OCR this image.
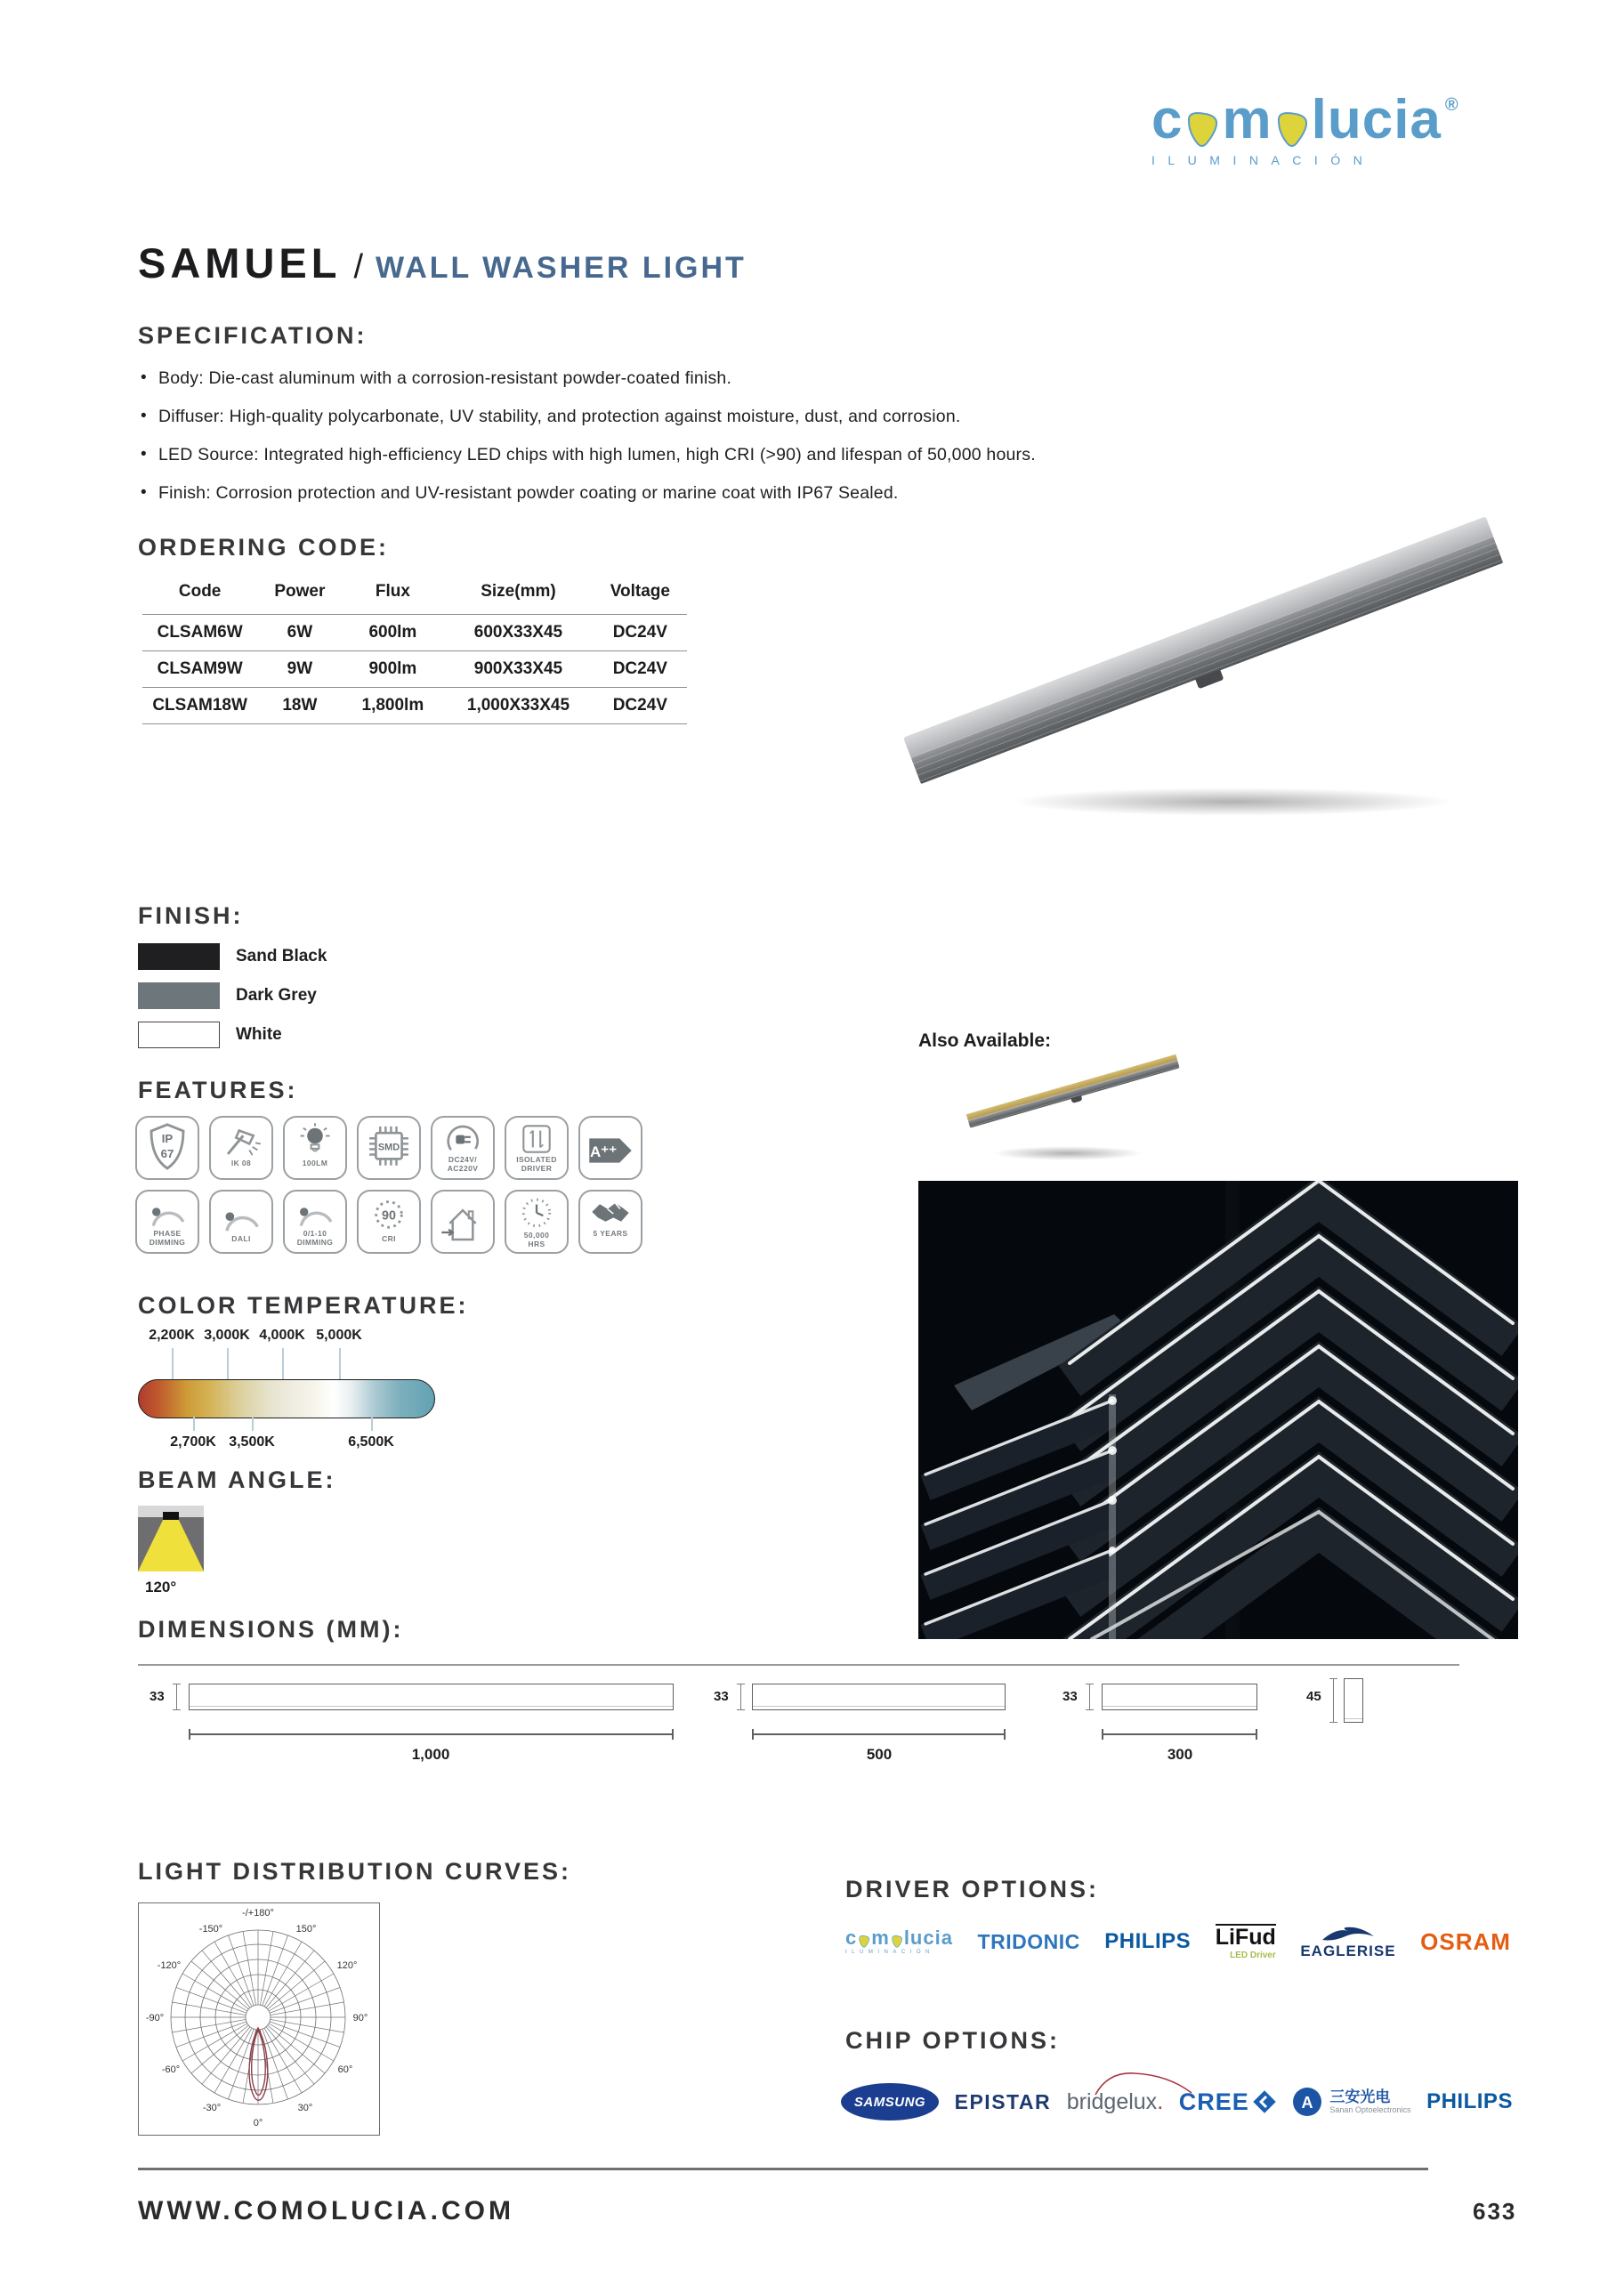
c m lucia ®
ILUMINACIÓN
SAMUEL / WALL WASHER LIGHT
SPECIFICATION:
• Body: Die-cast aluminum with a corrosion-resistant powder-coated finish.
• Diffuser: High-quality polycarbonate, UV stability, and protection against moisture, dust, and corrosion.
• LED Source: Integrated high-efficiency LED chips with high lumen, high CRI (>90) and lifespan of 50,000 hours.
• Finish: Corrosion protection and UV-resistant powder coating or marine coat with IP67 Sealed.
ORDERING CODE:
Code	Power	Flux	Size(mm)	Voltage
CLSAM6W	6W	600lm	600X33X45	DC24V
CLSAM9W	9W	900lm	900X33X45	DC24V
CLSAM18W	18W	1,800lm	1,000X33X45	DC24V
FINISH:
Sand Black
Dark Grey
White	Also Available:
FEATURES:
IP
67
IK 08	100LM
SMD
DC24V/
AC220V
ISOLATED
DRIVER
A⁺⁺
PHASE
DIMMING	DALI
0/1-10
DIMMING
90
CRI	50,000
HRS
5 YEARS
COLOR TEMPERATURE:
2,200K 3,000K 4,000K 5,000K
2,700K 3,500K	6,500K
BEAM ANGLE:
120°
DIMENSIONS (MM):
33
1,000
33
500
33
300
45
LIGHT DISTRIBUTION CURVES:
-/+180°
-150°	150°
-120°	120°
-90°	90°
-60°	60°
-30°	30°
0°
DRIVER OPTIONS:
c m lucia
ILUMINACIÓN TRIDONIC PHILIPS LiFud
LED Driver EAGLERISE OSRAM
CHIP OPTIONS:
SAMSUNG EPISTAR bridgelux. CREE	A 三安光电
Sanan Optoelectronics PHILIPS
WWW.COMOLUCIA.COM	633
